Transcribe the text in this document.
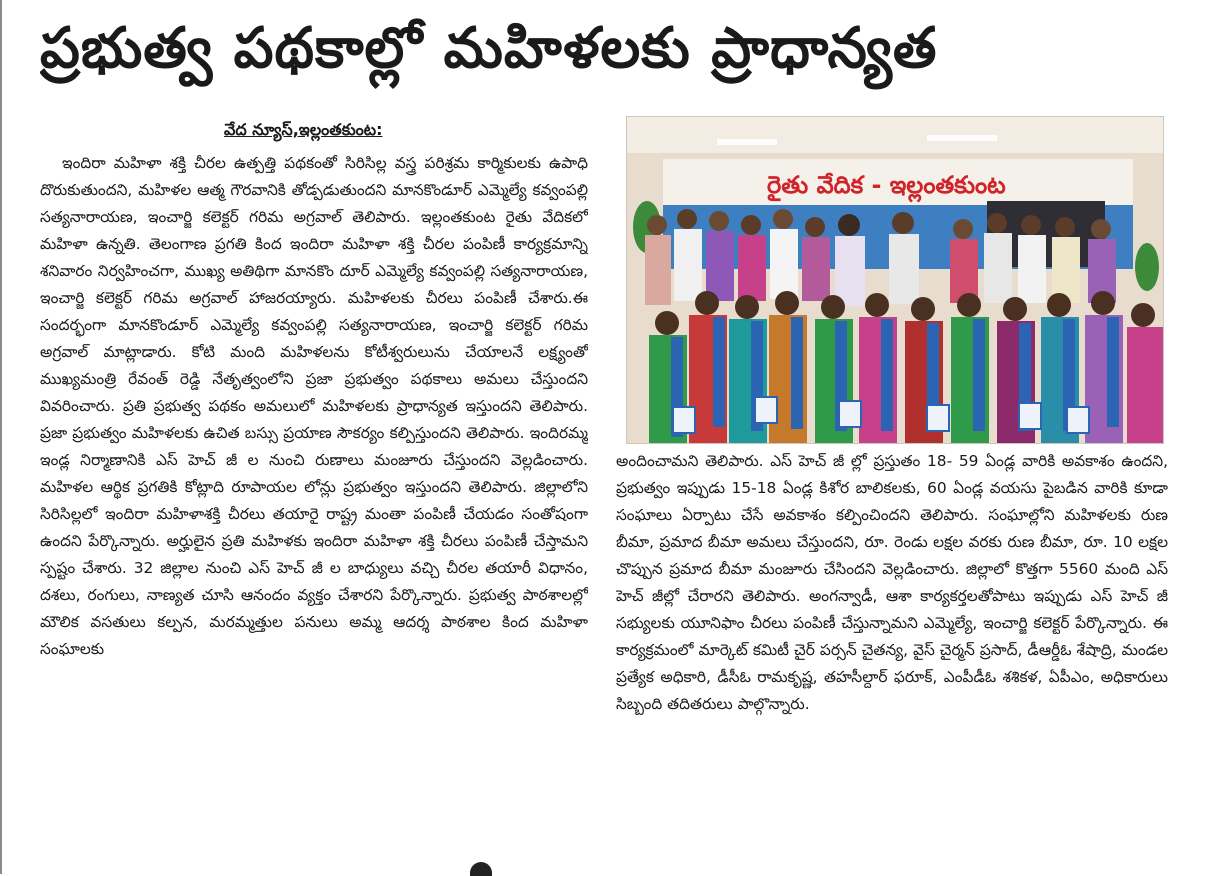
ప్రభుత్వ పథకాల్లో మహిళలకు ప్రాధాన్యత
వేద న్యూస్,ఇల్లంతకుంట:
ఇందిరా మహిళా శక్తి చీరల ఉత్పత్తి పథకంతో సిరిసిల్ల వస్త్ర పరిశ్రమ కార్మికులకు ఉపాధి దొరుకుతుందని, మహిళల ఆత్మ గౌరవానికి తోడ్పడుతుందని మానకొండూర్ ఎమ్మెల్యే కవ్వంపల్లి సత్యనారాయణ, ఇంచార్జి కలెక్టర్ గరిమ అగ్రవాల్ తెలిపారు. ఇల్లంతకుంట రైతు వేదికలో మహిళా ఉన్నతి. తెలంగాణ ప్రగతి కింద ఇందిరా మహిళా శక్తి చీరల పంపిణీ కార్యక్రమాన్ని శనివారం నిర్వహించగా, ముఖ్య అతిథిగా మానకొం దూర్ ఎమ్మెల్యే కవ్వంపల్లి సత్యనారాయణ, ఇంచార్జి కలెక్టర్ గరిమ అగ్రవాల్ హాజరయ్యారు. మహిళలకు చీరలు పంపిణీ చేశారు.ఈ సందర్భంగా మానకొండూర్ ఎమ్మెల్యే కవ్వంపల్లి సత్యనారాయణ, ఇంచార్జి కలెక్టర్ గరిమ అగ్రవాల్ మాట్లాడారు. కోటి మంది మహిళలను కోటీశ్వరులును చేయాలనే లక్ష్యంతో ముఖ్యమంత్రి రేవంత్ రెడ్డి నేతృత్వంలోని ప్రజా ప్రభుత్వం పథకాలు అమలు చేస్తుందని వివరించారు. ప్రతి ప్రభుత్వ పథకం అమలులో మహిళలకు ప్రాధాన్యత ఇస్తుందని తెలిపారు. ప్రజా ప్రభుత్వం మహిళలకు ఉచిత బస్సు ప్రయాణ సౌకర్యం కల్పిస్తుందని తెలిపారు. ఇందిరమ్మ ఇండ్ల నిర్మాణానికి ఎస్ హెచ్ జీ ల నుంచి రుణాలు మంజూరు చేస్తుందని వెల్లడించారు. మహిళల ఆర్థిక ప్రగతికి కోట్లాది రూపాయల లోన్లు ప్రభుత్వం ఇస్తుందని తెలిపారు. జిల్లాలోని సిరిసిల్లలో ఇందిరా మహిళాశక్తి చీరలు తయారై రాష్ట్ర మంతా పంపిణీ చేయడం సంతోషంగా ఉందని పేర్కొన్నారు. అర్హులైన ప్రతి మహిళకు ఇందిరా మహిళా శక్తి చీరలు పంపిణీ చేస్తామని స్పష్టం చేశారు. 32 జిల్లాల నుంచి ఎస్ హెచ్ జీ ల బాధ్యులు వచ్చి చీరల తయారీ విధానం, దశలు, రంగులు, నాణ్యత చూసి ఆనందం వ్యక్తం చేశారని పేర్కొన్నారు. ప్రభుత్వ పాఠశాలల్లో మౌలిక వసతులు కల్పన, మరమ్మత్తుల పనులు అమ్మ ఆదర్శ పాఠశాల కింద మహిళా సంఘాలకు
రైతు వేదిక - ఇల్లంతకుంట
అందించామని తెలిపారు. ఎస్ హెచ్ జీ ల్లో ప్రస్తుతం 18- 59 ఏండ్ల వారికి అవకాశం ఉందని, ప్రభుత్వం ఇప్పుడు 15-18 ఏండ్ల కిశోర బాలికలకు, 60 ఏండ్ల వయసు పైబడిన వారికి కూడా సంఘాలు ఏర్పాటు చేసే అవకాశం కల్పించిందని తెలిపారు. సంఘాల్లోని మహిళలకు రుణ బీమా, ప్రమాద బీమా అమలు చేస్తుందని, రూ. రెండు లక్షల వరకు రుణ బీమా, రూ. 10 లక్షల చొప్పున ప్రమాద బీమా మంజూరు చేసిందని వెల్లడించారు. జిల్లాలో కొత్తగా 5560 మంది ఎస్ హెచ్ జీల్లో చేరారని తెలిపారు. అంగన్వాడీ, ఆశా కార్యకర్తలతోపాటు ఇప్పుడు ఎస్ హెచ్ జీ సభ్యులకు యూనిఫాం చీరలు పంపిణీ చేస్తున్నామని ఎమ్మెల్యే, ఇంచార్జి కలెక్టర్ పేర్కొన్నారు. ఈ కార్యక్రమంలో మార్కెట్ కమిటీ చైర్ పర్సన్ చైతన్య, వైస్ చైర్మన్ ప్రసాద్, డీఆర్డీఓ శేషాద్రి, మండల ప్రత్యేక అధికారి, డీసీఓ రామకృష్ణ, తహసీల్దార్ ఫరూక్, ఎంపీడీఓ శశికళ, ఏపీఎం, అధికారులు సిబ్బంది తదితరులు పాల్గొన్నారు.
